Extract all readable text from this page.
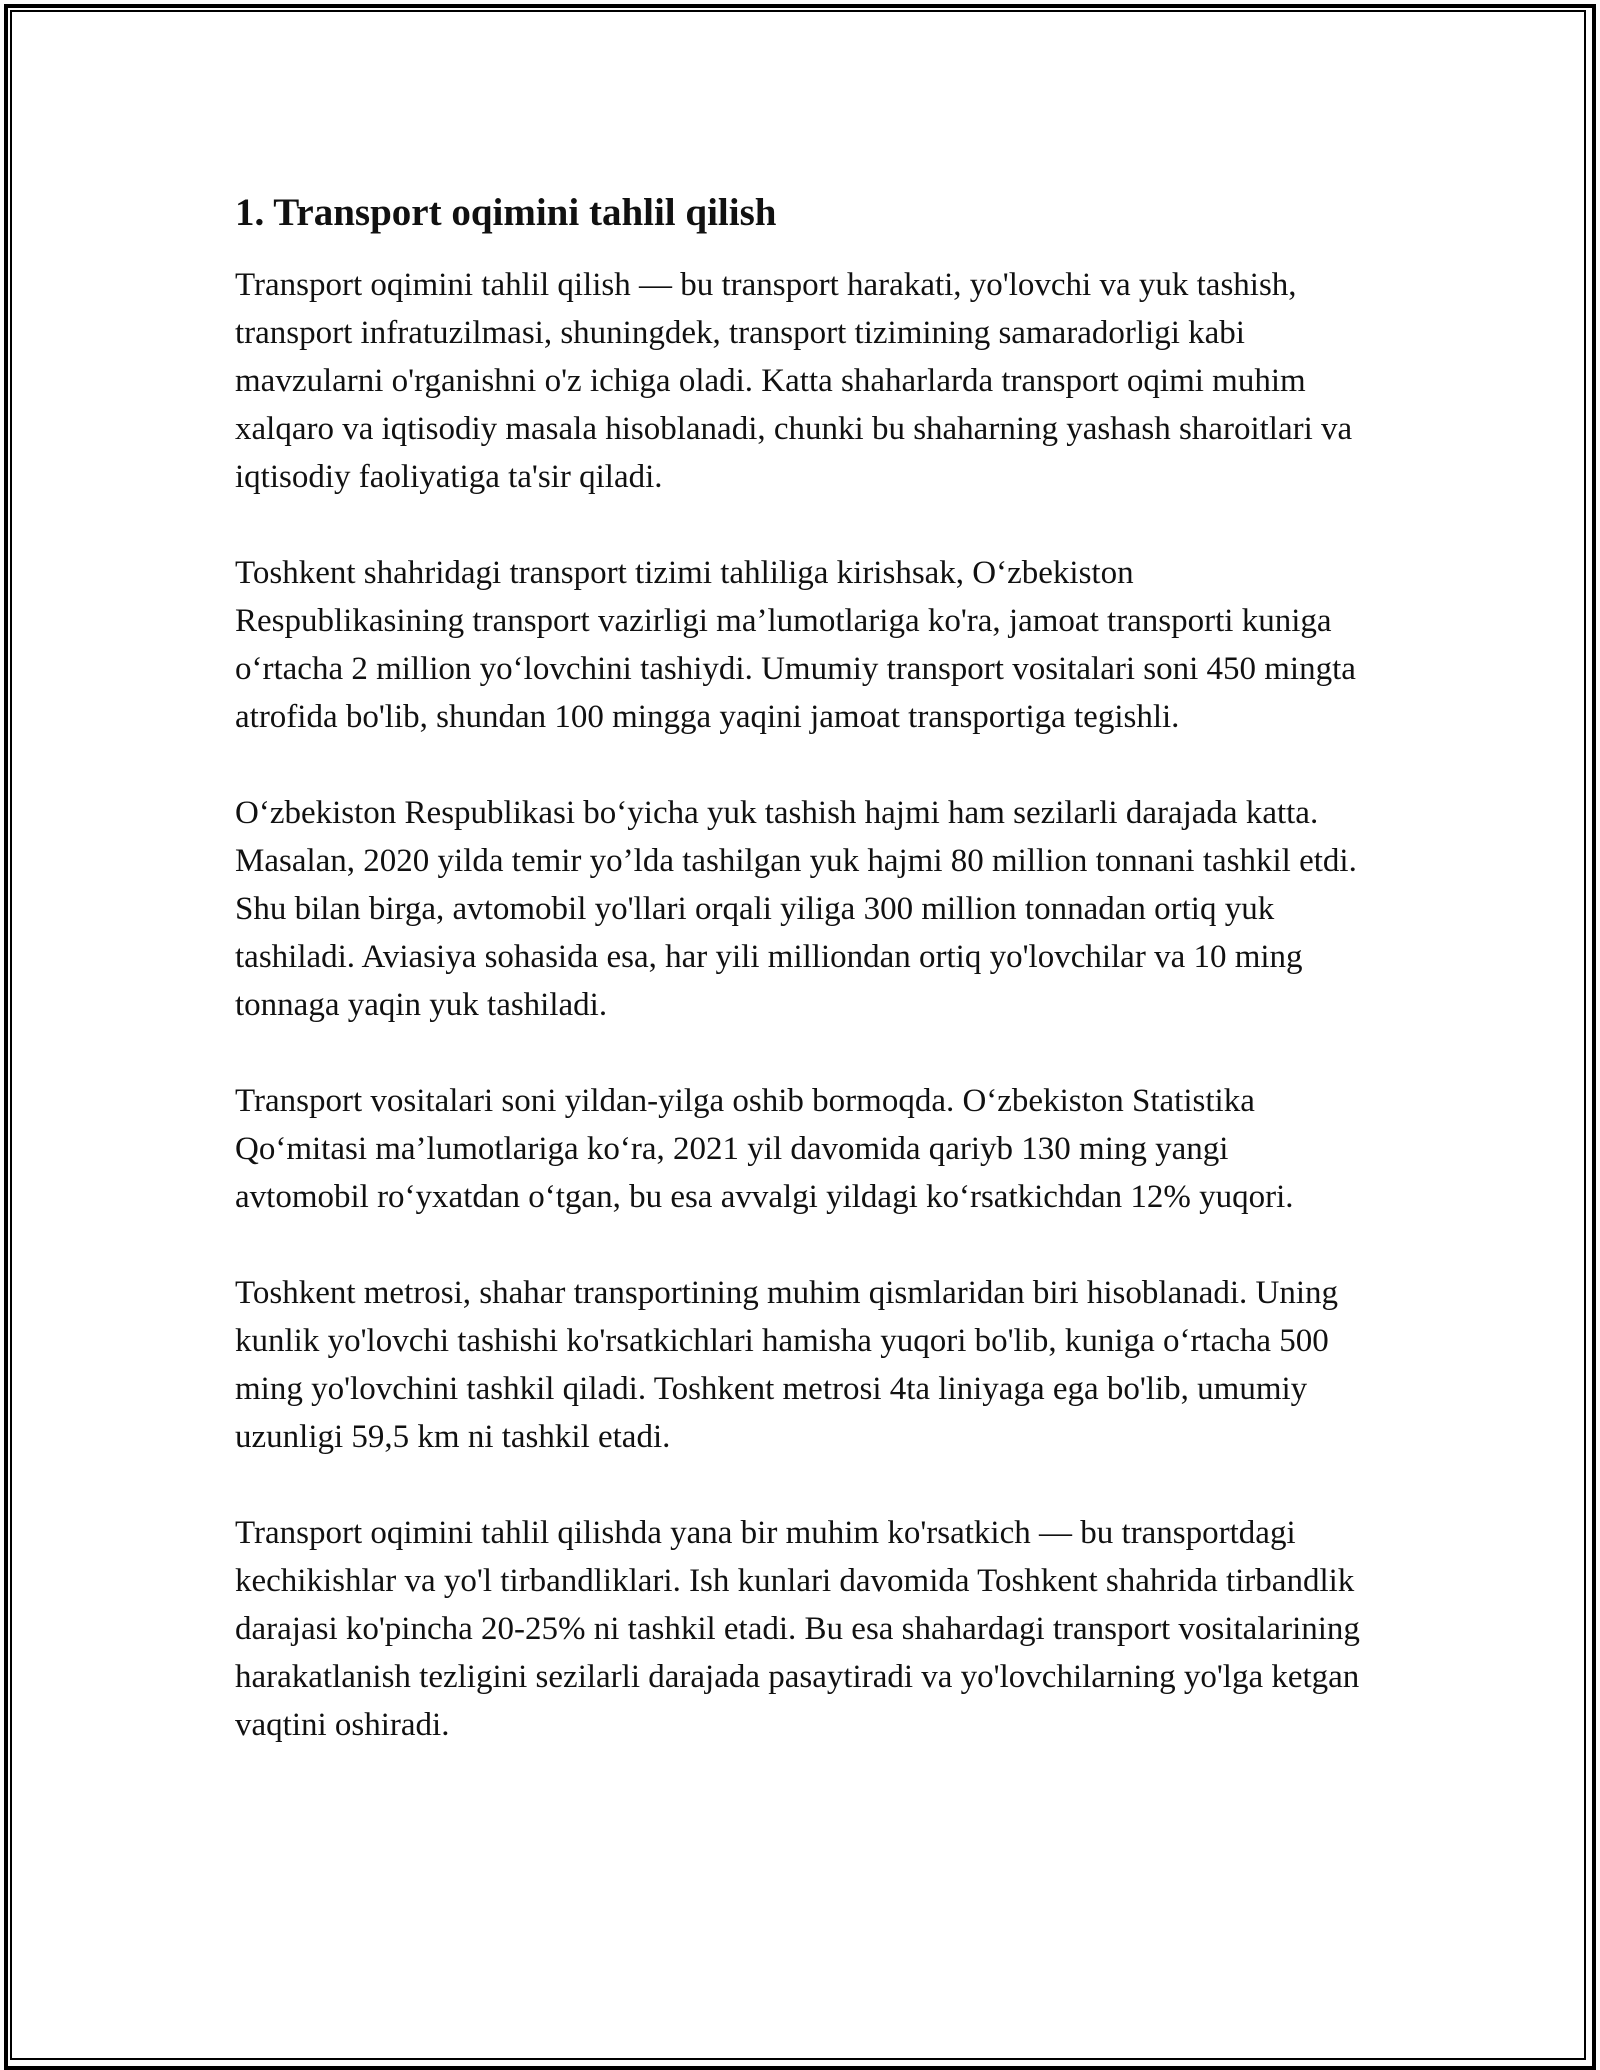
1. Transport oqimini tahlil qilish

Transport oqimini tahlil qilish — bu transport harakati, yo'lovchi va yuk tashish, transport infratuzilmasi, shuningdek, transport tizimining samaradorligi kabi mavzularni o'rganishni o'z ichiga oladi. Katta shaharlarda transport oqimi muhim xalqaro va iqtisodiy masala hisoblanadi, chunki bu shaharning yashash sharoitlari va iqtisodiy faoliyatiga ta'sir qiladi.

Toshkent shahridagi transport tizimi tahliliga kirishsak, O‘zbekiston Respublikasining transport vazirligi ma’lumotlariga ko'ra, jamoat transporti kuniga o‘rtacha 2 million yo‘lovchini tashiydi. Umumiy transport vositalari soni 450 mingta atrofida bo'lib, shundan 100 mingga yaqini jamoat transportiga tegishli.

O‘zbekiston Respublikasi bo‘yicha yuk tashish hajmi ham sezilarli darajada katta. Masalan, 2020 yilda temir yo’lda tashilgan yuk hajmi 80 million tonnani tashkil etdi. Shu bilan birga, avtomobil yo'llari orqali yiliga 300 million tonnadan ortiq yuk tashiladi. Aviasiya sohasida esa, har yili milliondan ortiq yo'lovchilar va 10 ming tonnaga yaqin yuk tashiladi.

Transport vositalari soni yildan-yilga oshib bormoqda. O‘zbekiston Statistika Qo‘mitasi ma’lumotlariga ko‘ra, 2021 yil davomida qariyb 130 ming yangi avtomobil ro‘yxatdan o‘tgan, bu esa avvalgi yildagi ko‘rsatkichdan 12% yuqori.

Toshkent metrosi, shahar transportining muhim qismlaridan biri hisoblanadi. Uning kunlik yo'lovchi tashishi ko'rsatkichlari hamisha yuqori bo'lib, kuniga o‘rtacha 500 ming yo'lovchini tashkil qiladi. Toshkent metrosi 4ta liniyaga ega bo'lib, umumiy uzunligi 59,5 km ni tashkil etadi.

Transport oqimini tahlil qilishda yana bir muhim ko'rsatkich — bu transportdagi kechikishlar va yo'l tirbandliklari. Ish kunlari davomida Toshkent shahrida tirbandlik darajasi ko'pincha 20-25% ni tashkil etadi. Bu esa shahardagi transport vositalarining harakatlanish tezligini sezilarli darajada pasaytiradi va yo'lovchilarning yo'lga ketgan vaqtini oshiradi.
